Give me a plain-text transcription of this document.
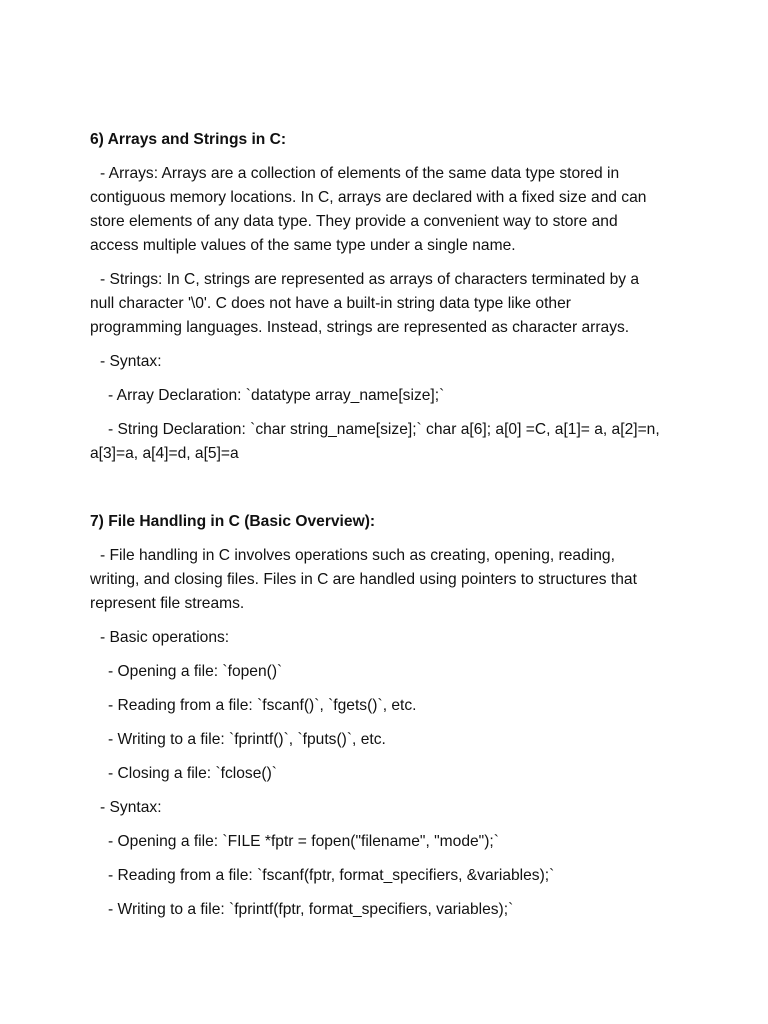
6) Arrays and Strings in C:

- Arrays: Arrays are a collection of elements of the same data type stored in contiguous memory locations. In C, arrays are declared with a fixed size and can store elements of any data type. They provide a convenient way to store and access multiple values of the same type under a single name.

- Strings: In C, strings are represented as arrays of characters terminated by a null character '\0'. C does not have a built-in string data type like other programming languages. Instead, strings are represented as character arrays.

- Syntax:
- Array Declaration: `datatype array_name[size];`

- String Declaration: `char string_name[size];` char a[6]; a[0] =C, a[1]= a, a[2]=n, a[3]=a, a[4]=d, a[5]=a

7) File Handling in C (Basic Overview):

- File handling in C involves operations such as creating, opening, reading, writing, and closing files. Files in C are handled using pointers to structures that represent file streams.

- Basic operations:
- Opening a file: `fopen()`
- Reading from a file: `fscanf()`, `fgets()`, etc.
- Writing to a file: `fprintf()`, `fputs()`, etc.
- Closing a file: `fclose()`
- Syntax:
- Opening a file: `FILE *fptr = fopen("filename", "mode");`
- Reading from a file: `fscanf(fptr, format_specifiers, &variables);`
- Writing to a file: `fprintf(fptr, format_specifiers, variables);`
